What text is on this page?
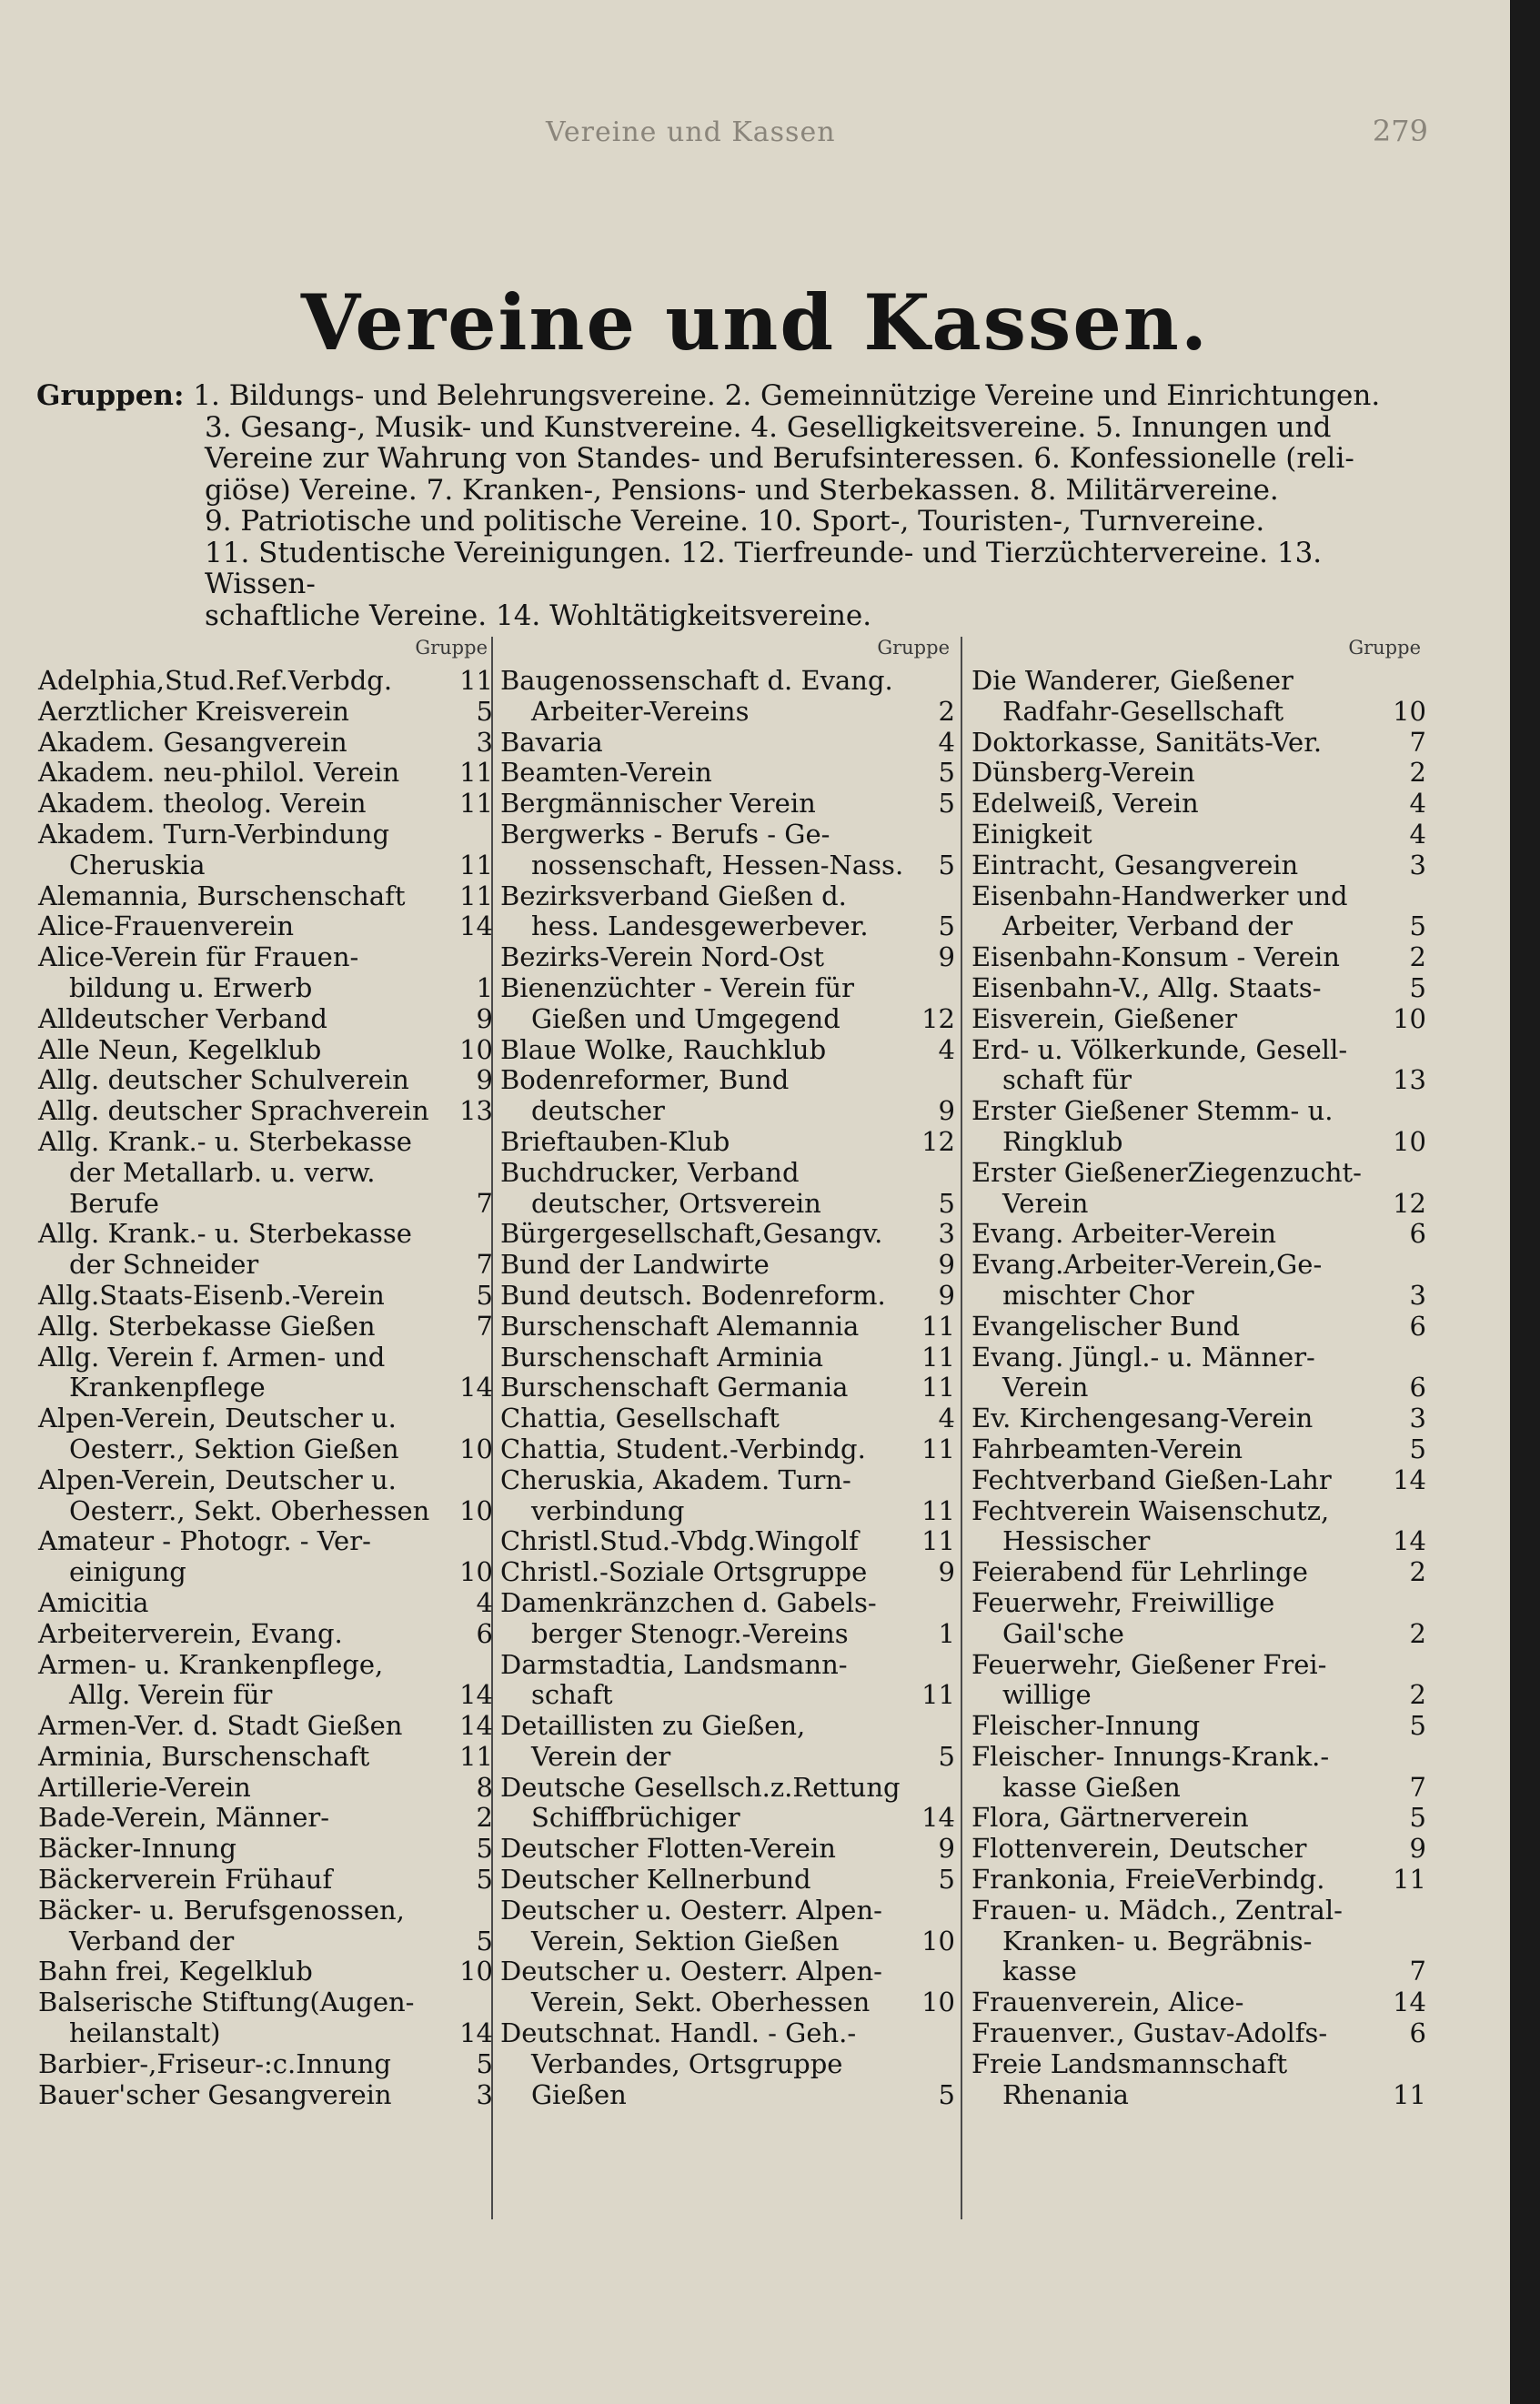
Vereine und Kassen	279
Vereine und Kassen.
Gruppen: 1. Bildungs- und Belehrungsvereine. 2. Gemeinnützige Vereine und Einrichtungen.
3. Gesang-, Musik- und Kunstvereine. 4. Geselligkeitsvereine. 5. Innungen und
Vereine zur Wahrung von Standes- und Berufsinteressen. 6. Konfessionelle (reli-
giöse) Vereine. 7. Kranken-, Pensions- und Sterbekassen. 8. Militärvereine.
9. Patriotische und politische Vereine. 10. Sport-, Touristen-, Turnvereine.
11. Studentische Vereinigungen. 12. Tierfreunde- und Tierzüchtervereine. 13. Wissen-
schaftliche Vereine. 14. Wohltätigkeitsvereine.
Gruppe
Adelphia,Stud.Ref.Verbdg.	11
Aerztlicher Kreisverein	5
Akadem. Gesangverein	3
Akadem. neu-philol. Verein	11
Akadem. theolog. Verein	11
Akadem. Turn-Verbindung
Cheruskia	11
Alemannia, Burschenschaft	11
Alice-Frauenverein	14
Alice-Verein für Frauen-
bildung u. Erwerb	1
Alldeutscher Verband	9
Alle Neun, Kegelklub	10
Allg. deutscher Schulverein	9
Allg. deutscher Sprachverein	13
Allg. Krank.- u. Sterbekasse
der Metallarb. u. verw.
Berufe	7
Allg. Krank.- u. Sterbekasse
der Schneider	7
Allg.Staats-Eisenb.-Verein	5
Allg. Sterbekasse Gießen	7
Allg. Verein f. Armen- und
Krankenpflege	14
Alpen-Verein, Deutscher u.
Oesterr., Sektion Gießen	10
Alpen-Verein, Deutscher u.
Oesterr., Sekt. Oberhessen	10
Amateur - Photogr. - Ver-
einigung	10
Amicitia	4
Arbeiterverein, Evang.	6
Armen- u. Krankenpflege,
Allg. Verein für	14
Armen-Ver. d. Stadt Gießen	14
Arminia, Burschenschaft	11
Artillerie-Verein	8
Bade-Verein, Männer-	2
Bäcker-Innung	5
Bäckerverein Frühauf	5
Bäcker- u. Berufsgenossen,
Verband der	5
Bahn frei, Kegelklub	10
Balserische Stiftung(Augen-
heilanstalt)	14
Barbier-,Friseur-:c.Innung	5
Bauer'scher Gesangverein	3
Gruppe
Baugenossenschaft d. Evang.
Arbeiter-Vereins	2
Bavaria	4
Beamten-Verein	5
Bergmännischer Verein	5
Bergwerks - Berufs - Ge-
nossenschaft, Hessen-Nass.	5
Bezirksverband Gießen d.
hess. Landesgewerbever.	5
Bezirks-Verein Nord-Ost	9
Bienenzüchter - Verein für
Gießen und Umgegend	12
Blaue Wolke, Rauchklub	4
Bodenreformer, Bund
deutscher	9
Brieftauben-Klub	12
Buchdrucker, Verband
deutscher, Ortsverein	5
Bürgergesellschaft,Gesangv.	3
Bund der Landwirte	9
Bund deutsch. Bodenreform.	9
Burschenschaft Alemannia	11
Burschenschaft Arminia	11
Burschenschaft Germania	11
Chattia, Gesellschaft	4
Chattia, Student.-Verbindg.	11
Cheruskia, Akadem. Turn-
verbindung	11
Christl.Stud.-Vbdg.Wingolf	11
Christl.-Soziale Ortsgruppe	9
Damenkränzchen d. Gabels-
berger Stenogr.-Vereins	1
Darmstadtia, Landsmann-
schaft	11
Detaillisten zu Gießen,
Verein der	5
Deutsche Gesellsch.z.Rettung
Schiffbrüchiger	14
Deutscher Flotten-Verein	9
Deutscher Kellnerbund	5
Deutscher u. Oesterr. Alpen-
Verein, Sektion Gießen	10
Deutscher u. Oesterr. Alpen-
Verein, Sekt. Oberhessen	10
Deutschnat. Handl. - Geh.-
Verbandes, Ortsgruppe
Gießen	5
Gruppe
Die Wanderer, Gießener
Radfahr-Gesellschaft	10
Doktorkasse, Sanitäts-Ver.	7
Dünsberg-Verein	2
Edelweiß, Verein	4
Einigkeit	4
Eintracht, Gesangverein	3
Eisenbahn-Handwerker und
Arbeiter, Verband der	5
Eisenbahn-Konsum - Verein	2
Eisenbahn-V., Allg. Staats-	5
Eisverein, Gießener	10
Erd- u. Völkerkunde, Gesell-
schaft für	13
Erster Gießener Stemm- u.
Ringklub	10
Erster GießenerZiegenzucht-
Verein	12
Evang. Arbeiter-Verein	6
Evang.Arbeiter-Verein,Ge-
mischter Chor	3
Evangelischer Bund	6
Evang. Jüngl.- u. Männer-
Verein	6
Ev. Kirchengesang-Verein	3
Fahrbeamten-Verein	5
Fechtverband Gießen-Lahr	14
Fechtverein Waisenschutz,
Hessischer	14
Feierabend für Lehrlinge	2
Feuerwehr, Freiwillige
Gail'sche	2
Feuerwehr, Gießener Frei-
willige	2
Fleischer-Innung	5
Fleischer- Innungs-Krank.-
kasse Gießen	7
Flora, Gärtnerverein	5
Flottenverein, Deutscher	9
Frankonia, FreieVerbindg.	11
Frauen- u. Mädch., Zentral-
Kranken- u. Begräbnis-
kasse	7
Frauenverein, Alice-	14
Frauenver., Gustav-Adolfs-	6
Freie Landsmannschaft
Rhenania	11
